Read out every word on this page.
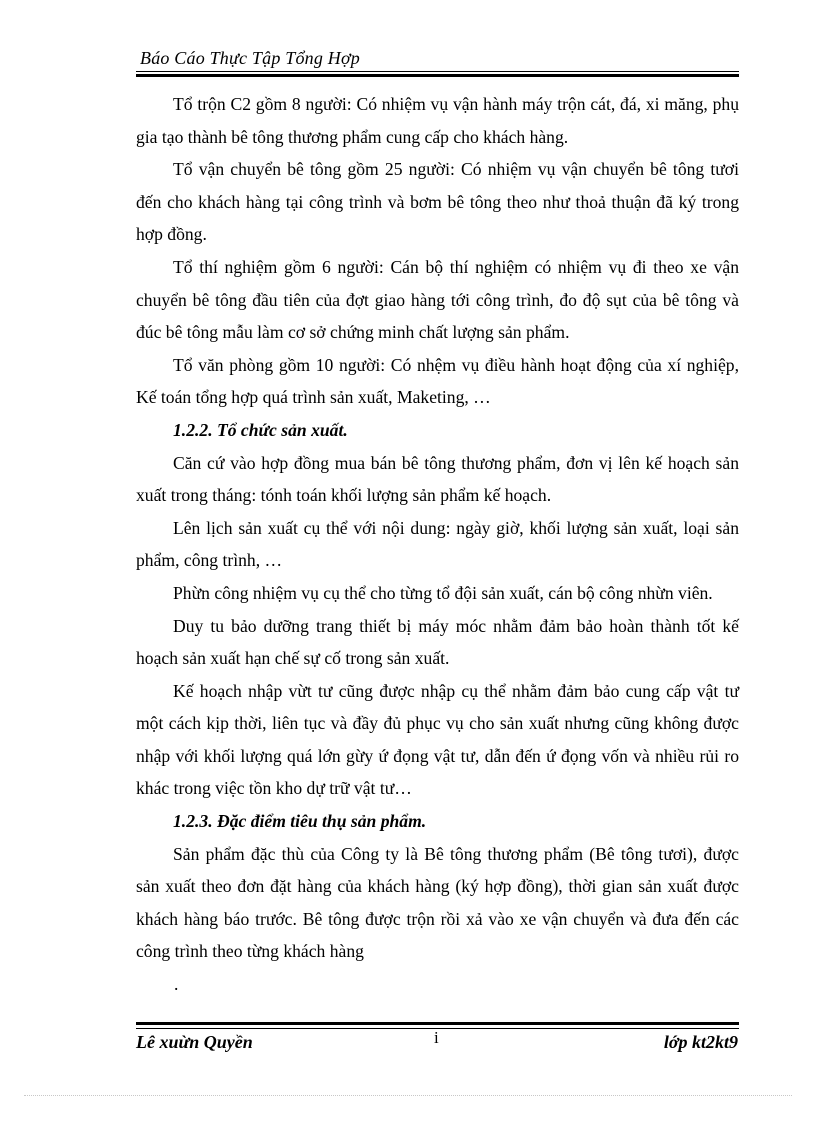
Báo Cáo Thực Tập Tổng Hợp

Tổ trộn C2 gồm 8 người: Có nhiệm vụ vận hành máy trộn cát, đá, xi măng, phụ gia tạo thành bê tông thương phẩm cung cấp cho khách hàng.

Tổ vận chuyển bê tông gồm 25 người: Có nhiệm vụ vận chuyển bê tông tươi đến cho khách hàng tại công trình và bơm bê tông theo như thoả thuận đã ký trong hợp đồng.

Tổ thí nghiệm gồm 6 người: Cán bộ thí nghiệm có nhiệm vụ đi theo xe vận chuyển bê tông đầu tiên của đợt giao hàng tới công trình, đo độ sụt của bê tông và đúc bê tông mẫu làm cơ sở chứng minh chất lượng sản phẩm.

Tổ văn phòng gồm 10 người: Có nhệm vụ điều hành hoạt động của xí nghiệp, Kế toán tổng hợp quá trình sản xuất, Maketing, …

1.2.2. Tổ chức sản xuất.

Căn cứ vào hợp đồng mua bán bê tông thương phẩm, đơn vị lên kế hoạch sản xuất trong tháng: tónh toán khối lượng sản phẩm kế hoạch.

Lên lịch sản xuất cụ thể với nội dung: ngày giờ, khối lượng sản xuất, loại sản phẩm, công trình, …

Phừn công nhiệm vụ cụ thể cho từng tổ đội sản xuất, cán bộ công nhừn viên.

Duy tu bảo dưỡng trang thiết bị máy móc nhằm đảm bảo hoàn thành tốt kế hoạch sản xuất hạn chế sự cố trong sản xuất.

Kế hoạch nhập vừt tư cũng được nhập cụ thể nhằm đảm bảo cung cấp vật tư một cách kịp thời, liên tục và đầy đủ phục vụ cho sản xuất nhưng cũng không được nhập với khối lượng quá lớn gừy ứ đọng vật tư, dẫn đến ứ đọng vốn và nhiều rủi ro khác trong việc tồn kho dự trữ vật tư…

1.2.3. Đặc điểm tiêu thụ sản phẩm.

Sản phẩm đặc thù của Công ty là Bê tông thương phẩm (Bê tông tươi), được sản xuất theo đơn đặt hàng của khách hàng (ký hợp đồng), thời gian sản xuất được khách hàng báo trước. Bê tông được trộn rồi xả vào xe vận chuyển và đưa đến các công trình theo từng khách hàng

.
Lê xuừn Quyền	i	lớp kt2kt9
